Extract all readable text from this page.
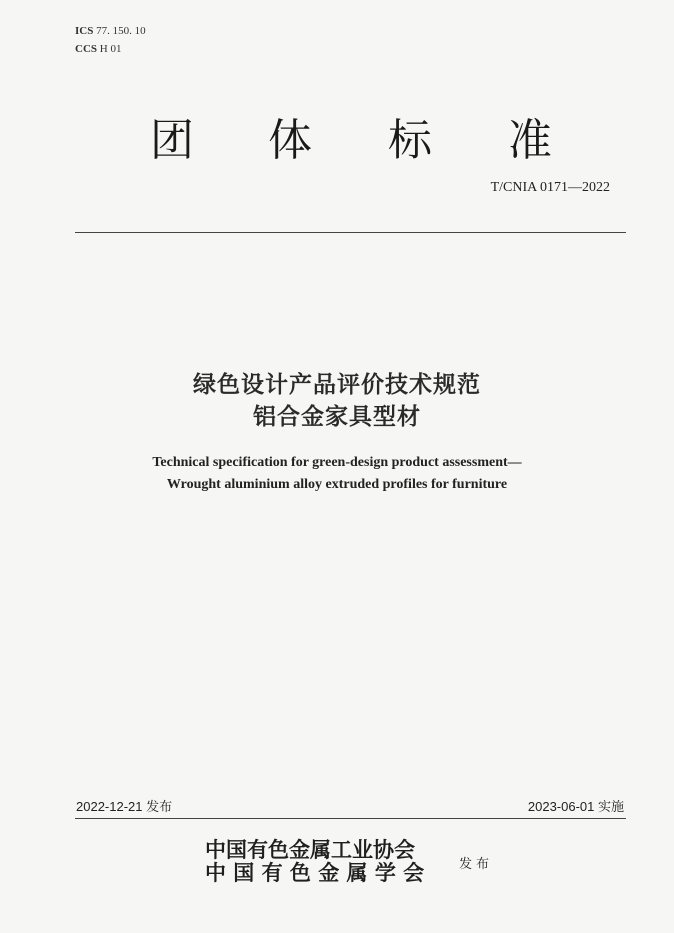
ICS 77. 150. 10
CCS H 01
团 体 标 准
T/CNIA 0171—2022
绿色设计产品评价技术规范
铝合金家具型材
Technical specification for green-design product assessment—
Wrought aluminium alloy extruded profiles for furniture
2022-12-21 发布	2023-06-01 实施
中国有色金属工业协会
中 国 有 色 金 属 学 会	发布
